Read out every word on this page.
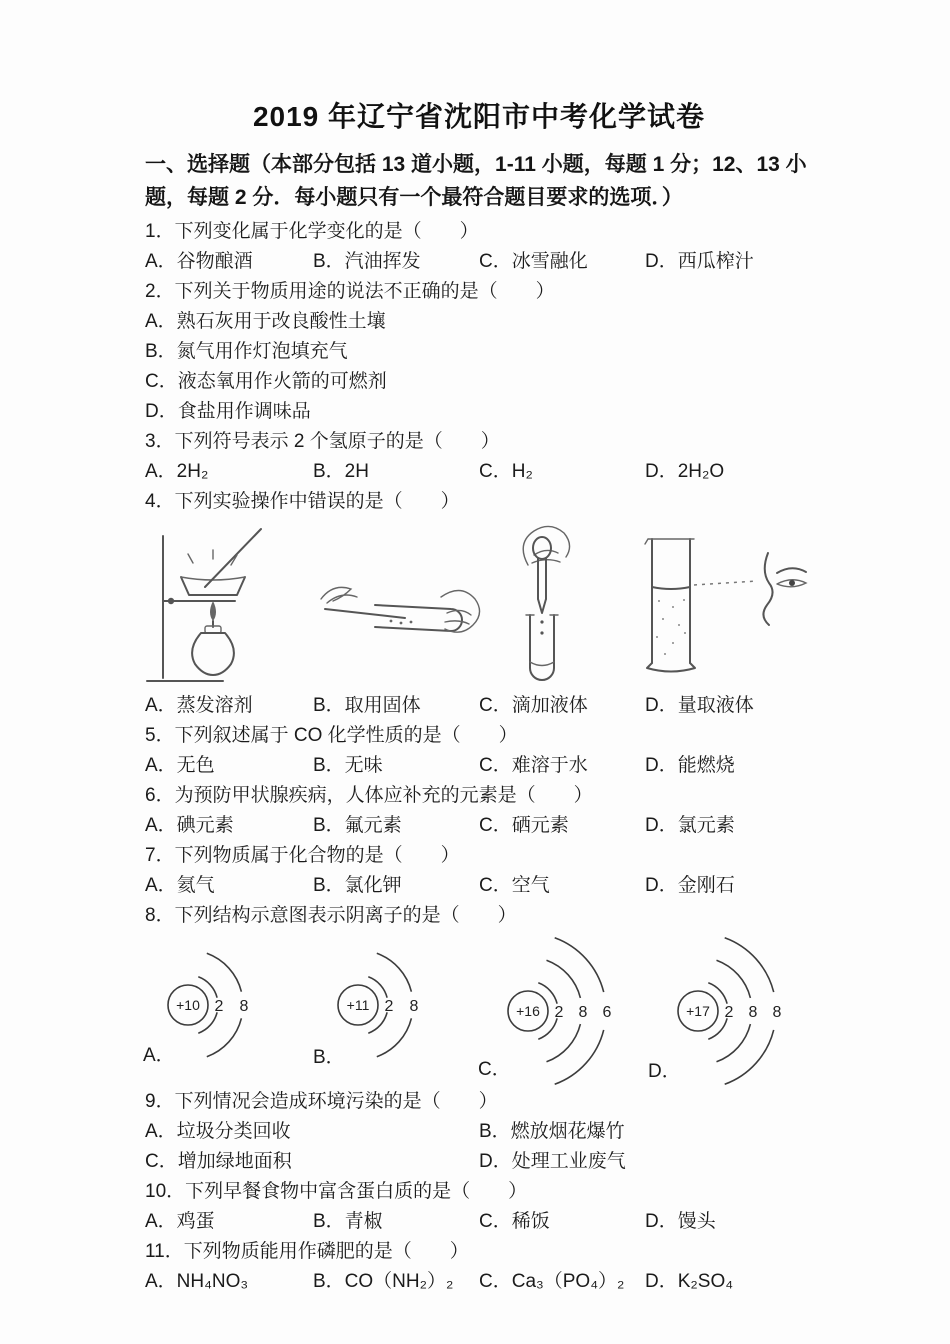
2019 年辽宁省沈阳市中考化学试卷
一、选择题（本部分包括 13 道小题，1-11 小题，每题 1 分；12、13 小题，每题 2 分．每小题只有一个最符合题目要求的选项．）
1．下列变化属于化学变化的是（　　）
A．谷物酿酒	B．汽油挥发	C．冰雪融化	D．西瓜榨汁
2．下列关于物质用途的说法不正确的是（　　）
A．熟石灰用于改良酸性土壤
B．氮气用作灯泡填充气
C．液态氧用作火箭的可燃剂
D．食盐用作调味品
3．下列符号表示 2 个氢原子的是（　　）
A．2H₂	B．2H	C．H₂	D．2H₂O
4．下列实验操作中错误的是（　　）
A．蒸发溶剂	B．取用固体	C．滴加液体	D．量取液体
5．下列叙述属于 CO 化学性质的是（　　）
A．无色	B．无味	C．难溶于水	D．能燃烧
6．为预防甲状腺疾病，人体应补充的元素是（　　）
A．碘元素	B．氟元素	C．硒元素	D．氯元素
7．下列物质属于化合物的是（　　）
A．氦气	B．氯化钾	C．空气	D．金刚石
8．下列结构示意图表示阴离子的是（　　）
+10 2 8
A．
+11 2 8
B．
+16 2 8 6
C．
+17 2 8 8
D．
9．下列情况会造成环境污染的是（　　）
A．垃圾分类回收	B．燃放烟花爆竹
C．增加绿地面积	D．处理工业废气
10．下列早餐食物中富含蛋白质的是（　　）
A．鸡蛋	B．青椒	C．稀饭	D．馒头
11．下列物质能用作磷肥的是（　　）
A．NH₄NO₃	B．CO（NH₂）₂	C．Ca₃（PO₄）₂	D．K₂SO₄
